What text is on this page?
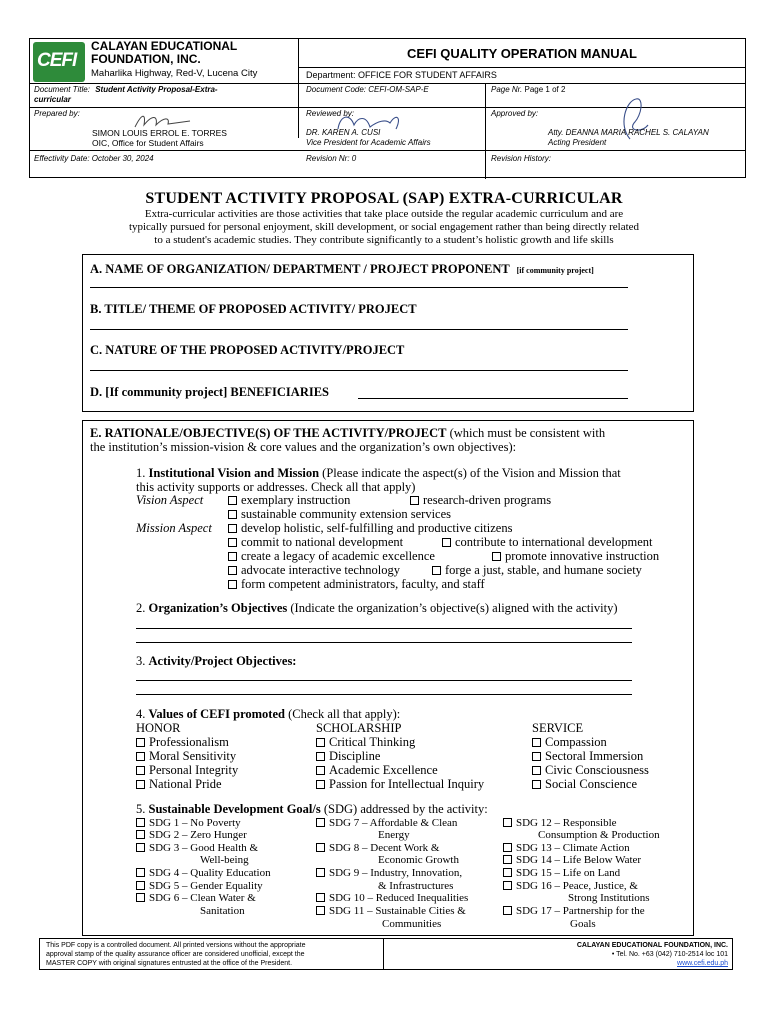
CEFI
CALAYAN EDUCATIONAL
FOUNDATION, INC.
Maharlika Highway, Red-V, Lucena City
CEFI QUALITY OPERATION MANUAL
Department: OFFICE FOR STUDENT AFFAIRS
Document Title: Student Activity Proposal-Extra-
curricular
Document Code: CEFI-OM-SAP-E	Page Nr. Page 1 of 2
Prepared by:
SIMON LOUIS ERROL E. TORRES
OIC, Office for Student Affairs
Reviewed by:
DR. KAREN A. CUSI
Vice President for Academic Affairs
Approved by:
Atty. DEANNA MARIA RACHEL S. CALAYAN
Acting President
Effectivity Date: October 30, 2024	Revision Nr: 0	Revision History:
STUDENT ACTIVITY PROPOSAL (SAP) EXTRA-CURRICULAR
Extra-curricular activities are those activities that take place outside the regular academic curriculum and are
typically pursued for personal enjoyment, skill development, or social engagement rather than being directly related
to a student's academic studies. They contribute significantly to a student’s holistic growth and life skills
A. NAME OF ORGANIZATION/ DEPARTMENT / PROJECT PROPONENT [if community project]
B. TITLE/ THEME OF PROPOSED ACTIVITY/ PROJECT
C. NATURE OF THE PROPOSED ACTIVITY/PROJECT
D. [If community project] BENEFICIARIES
E. RATIONALE/OBJECTIVE(S) OF THE ACTIVITY/PROJECT (which must be consistent with
the institution’s mission-vision & core values and the organization’s own objectives):
1. Institutional Vision and Mission (Please indicate the aspect(s) of the Vision and Mission that
this activity supports or addresses. Check all that apply)
Vision Aspect	exemplary instruction	research-driven programs
sustainable community extension services
Mission Aspect	develop holistic, self-fulfilling and productive citizens
commit to national development	contribute to international development
create a legacy of academic excellence	promote innovative instruction
advocate interactive technology	forge a just, stable, and humane society
form competent administrators, faculty, and staff
2. Organization’s Objectives (Indicate the organization’s objective(s) aligned with the activity)
3. Activity/Project Objectives:
4. Values of CEFI promoted (Check all that apply):
HONOR
Professionalism
Moral Sensitivity
Personal Integrity
National Pride
SCHOLARSHIP
Critical Thinking
Discipline
Academic Excellence
Passion for Intellectual Inquiry
SERVICE
Compassion
Sectoral Immersion
Civic Consciousness
Social Conscience
5. Sustainable Development Goal/s (SDG) addressed by the activity:
SDG 1 – No Poverty
SDG 2 – Zero Hunger
SDG 3 – Good Health &
Well-being
SDG 4 – Quality Education
SDG 5 – Gender Equality
SDG 6 – Clean Water &
Sanitation
SDG 7 – Affordable & Clean
Energy
SDG 8 – Decent Work &
Economic Growth
SDG 9 – Industry, Innovation,
& Infrastructures
SDG 10 – Reduced Inequalities
SDG 11 – Sustainable Cities &
Communities
SDG 12 – Responsible
Consumption & Production
SDG 13 – Climate Action
SDG 14 – Life Below Water
SDG 15 – Life on Land
SDG 16 – Peace, Justice, &
Strong Institutions
SDG 17 – Partnership for the
Goals
This PDF copy is a controlled document. All printed versions without the appropriate
approval stamp of the quality assurance officer are considered unofficial, except the
MASTER COPY with original signatures entrusted at the office of the President.
CALAYAN EDUCATIONAL FOUNDATION, INC.
• Tel. No. +63 (042) 710-2514 loc 101
www.cefi.edu.ph
